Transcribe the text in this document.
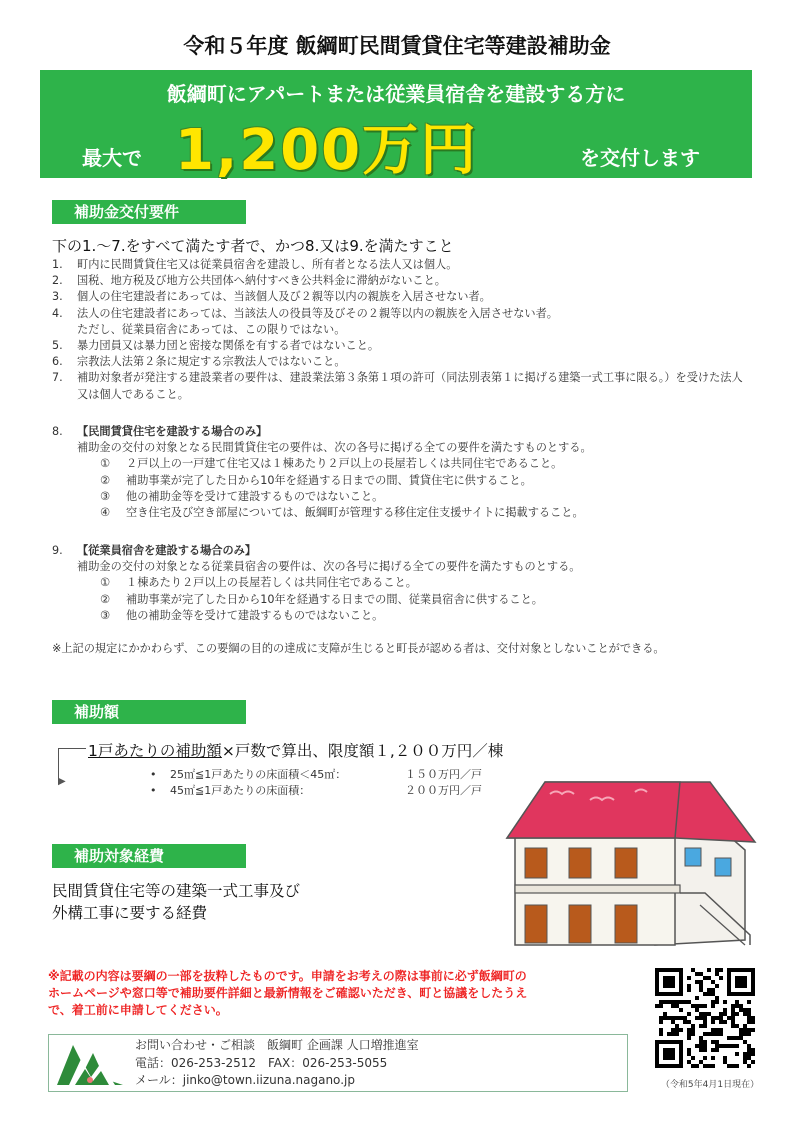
令和５年度 飯綱町民間賃貸住宅等建設補助金
飯綱町にアパートまたは従業員宿舎を建設する方に
最大で 1,200万円	を交付します
補助金交付要件
下の1.～7.をすべて満たす者で、かつ8.又は9.を満たすこと
1.	町内に民間賃貸住宅又は従業員宿舎を建設し、所有者となる法人又は個人。
2.	国税、地方税及び地方公共団体へ納付すべき公共料金に滞納がないこと。
3.	個人の住宅建設者にあっては、当該個人及び２親等以内の親族を入居させない者。
4.	法人の住宅建設者にあっては、当該法人の役員等及びその２親等以内の親族を入居させない者。
ただし、従業員宿舎にあっては、この限りではない。
5.	暴力団員又は暴力団と密接な関係を有する者ではないこと。
6.	宗教法人法第２条に規定する宗教法人ではないこと。
7.	補助対象者が発注する建設業者の要件は、建設業法第３条第１項の許可（同法別表第１に掲げる建築一式工事に限る。）を受けた法人又は個人であること。
8.	【民間賃貸住宅を建設する場合のみ】
補助金の交付の対象となる民間賃貸住宅の要件は、次の各号に掲げる全ての要件を満たすものとする。
①	２戸以上の一戸建て住宅又は１棟あたり２戸以上の長屋若しくは共同住宅であること。
②	補助事業が完了した日から10年を経過する日までの間、賃貸住宅に供すること。
③	他の補助金等を受けて建設するものではないこと。
④	空き住宅及び空き部屋については、飯綱町が管理する移住定住支援サイトに掲載すること。
9.	【従業員宿舎を建設する場合のみ】
補助金の交付の対象となる従業員宿舎の要件は、次の各号に掲げる全ての要件を満たすものとする。
①	１棟あたり２戸以上の長屋若しくは共同住宅であること。
②	補助事業が完了した日から10年を経過する日までの間、従業員宿舎に供すること。
③	他の補助金等を受けて建設するものではないこと。
※上記の規定にかかわらず、この要綱の目的の達成に支障が生じると町長が認める者は、交付対象としないことができる。
補助額
▶
1戸あたりの補助額×戸数で算出、限度額１,２００万円／棟
•	25㎡≦1戸あたりの床面積＜45㎡：	１５０万円／戸
•	45㎡≦1戸あたりの床面積：	２００万円／戸
補助対象経費
民間賃貸住宅等の建築一式工事及び
外構工事に要する経費
※記載の内容は要綱の一部を抜粋したものです。申請をお考えの際は事前に必ず飯綱町の
ホームページや窓口等で補助要件詳細と最新情報をご確認いただき、町と協議をしたうえ
で、着工前に申請してください。
お問い合わせ・ご相談　飯綱町 企画課 人口増推進室
電話：026-253-2512　FAX：026-253-5055
メール：jinko@town.iizuna.nagano.jp	（令和5年4月1日現在）
